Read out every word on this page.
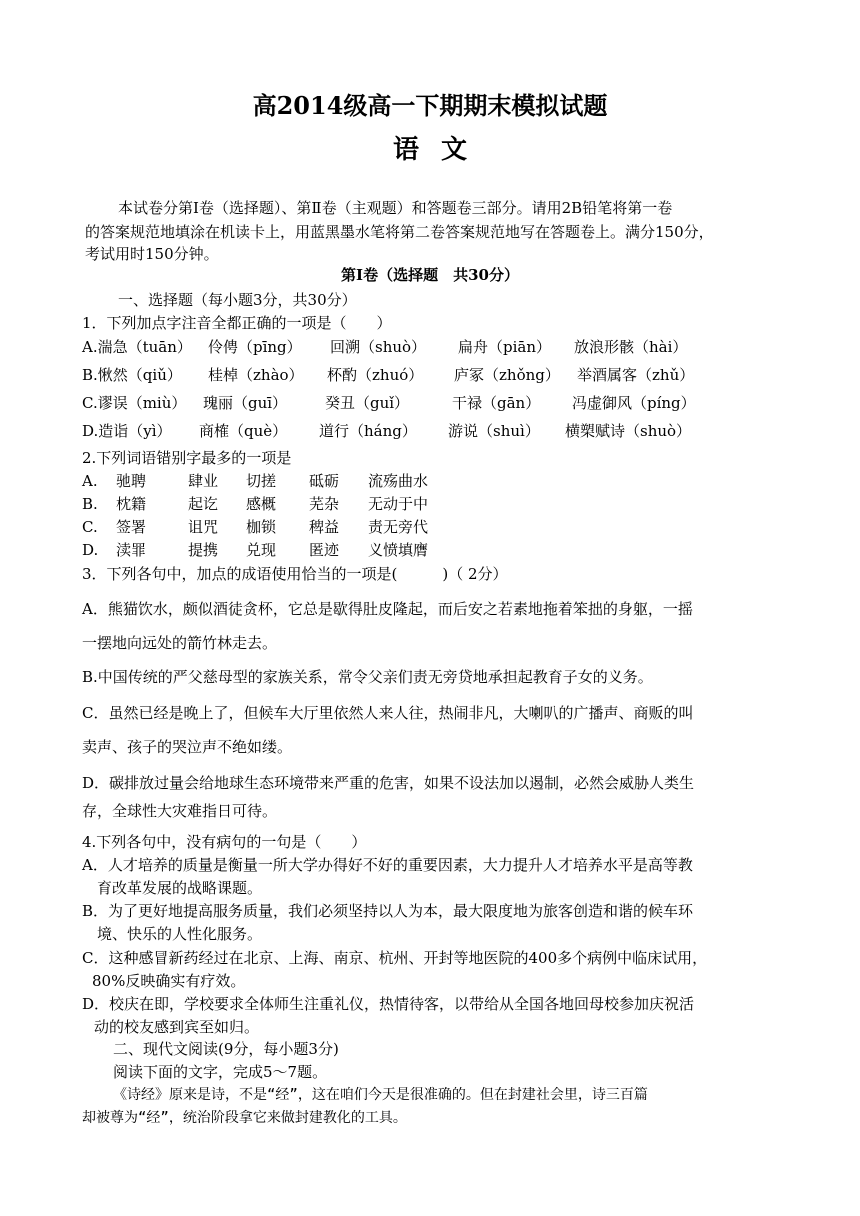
高2014级高一下期期末模拟试题
语文
本试卷分第Ⅰ卷（选择题）、第Ⅱ卷（主观题）和答题卷三部分。请用2B铅笔将第一卷
的答案规范地填涂在机读卡上，用蓝黑墨水笔将第二卷答案规范地写在答题卷上。满分150分，
考试用时150分钟。
第Ⅰ卷（选择题　共30分）
一、选择题（每小题3分，共30分）
1．下列加点字注音全都正确的一项是（　　）
A.湍急（tuān） 伶俜（pīng） 回溯（shuò） 扁舟（piān） 放浪形骸（hài）
B.愀然（qiǔ） 桂棹（zhào） 杯酌（zhuó） 庐冢（zhǒng） 举酒属客（zhǔ）
C.谬误（miù） 瑰丽（guī）	癸丑（guǐ）	干禄（gān） 冯虚御风（píng）
D.造诣（yì） 商榷（què） 道行（háng） 游说（shuì） 横槊赋诗（shuò）
2.下列词语错别字最多的一项是
A. 驰聘	肆业 切搓 砥砺 流殇曲水
B. 枕籍	起讫 感概 芜杂 无动于中
C. 签署	诅咒 枷锁 稗益 责无旁代
D. 渎罪	提携 兑现 匿迹 义愤填膺
3．下列各句中，加点的成语使用恰当的一项是(　　　)（ 2分）
A．熊猫饮水，颇似酒徒贪杯，它总是歇得肚皮隆起，而后安之若素地拖着笨拙的身躯，一摇
一摆地向远处的箭竹林走去。
B.中国传统的严父慈母型的家族关系，常令父亲们责无旁贷地承担起教育子女的义务。
C．虽然已经是晚上了，但候车大厅里依然人来人往，热闹非凡，大喇叭的广播声、商贩的叫
卖声、孩子的哭泣声不绝如缕。
D．碳排放过量会给地球生态环境带来严重的危害，如果不设法加以遏制，必然会威胁人类生
存，全球性大灾难指日可待。
4.下列各句中，没有病句的一句是（　　）
A．人才培养的质量是衡量一所大学办得好不好的重要因素，大力提升人才培养水平是高等教
育改革发展的战略课题。
B．为了更好地提高服务质量，我们必须坚持以人为本，最大限度地为旅客创造和谐的候车环
境、快乐的人性化服务。
C．这种感冒新药经过在北京、上海、南京、杭州、开封等地医院的400多个病例中临床试用，
80%反映确实有疗效。
D．校庆在即，学校要求全体师生注重礼仪，热情待客，以带给从全国各地回母校参加庆祝活
动的校友感到宾至如归。
二、现代文阅读(9分，每小题3分)
阅读下面的文字，完成5～7题。
《诗经》原来是诗，不是“经”，这在咱们今天是很准确的。但在封建社会里，诗三百篇
却被尊为“经”，统治阶段拿它来做封建教化的工具。
